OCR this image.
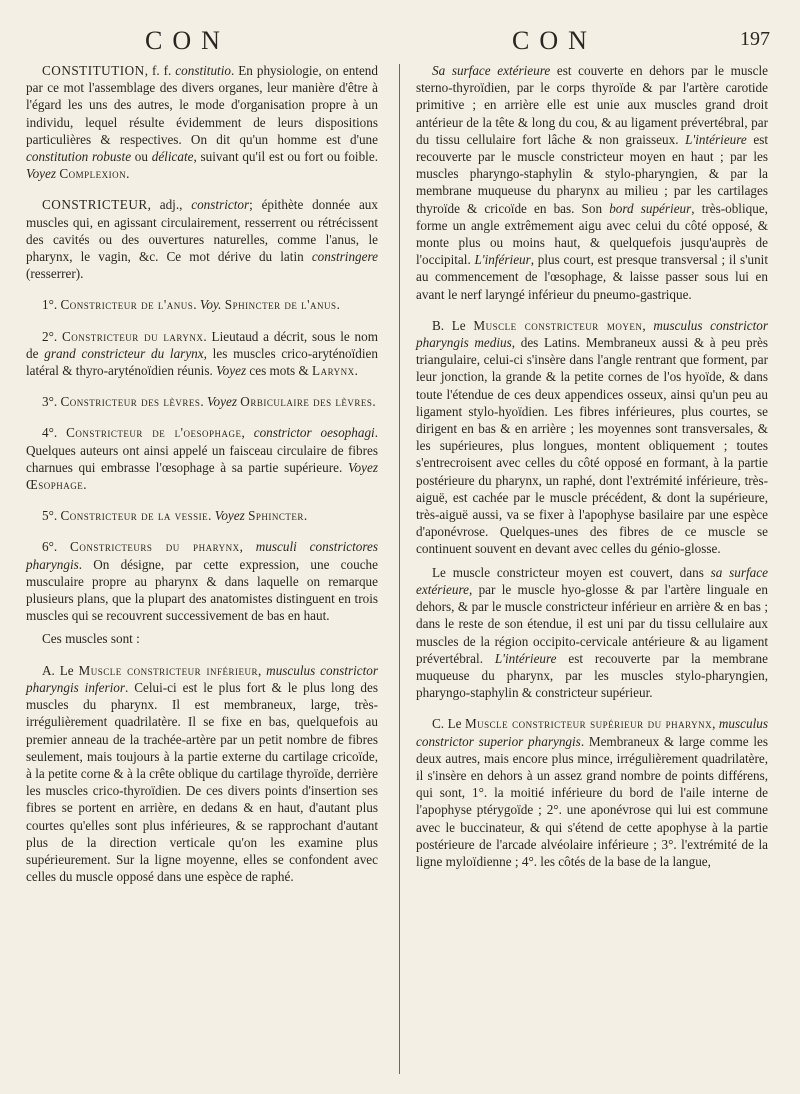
CON	CON	197

CONSTITUTION, f. f. constitutio. En physiologie, on entend par ce mot l'assemblage des divers organes, leur manière d'être à l'égard les uns des autres, le mode d'organisation propre à un individu, lequel résulte évidemment de leurs dispositions particulières & respectives. On dit qu'un homme est d'une constitution robuste ou délicate, suivant qu'il est ou fort ou foible. Voyez Complexion.

CONSTRICTEUR, adj., constrictor; épithète donnée aux muscles qui, en agissant circulairement, resserrent ou rétrécissent des cavités ou des ouvertures naturelles, comme l'anus, le pharynx, le vagin, &c. Ce mot dérive du latin constringere (resserrer).

1°. Constricteur de l'anus. Voy. Sphincter de l'anus.

2°. Constricteur du larynx. Lieutaud a décrit, sous le nom de grand constricteur du larynx, les muscles crico-aryténoïdien latéral & thyro-aryténoïdien réunis. Voyez ces mots & Larynx.

3°. Constricteur des lèvres. Voyez Orbiculaire des lèvres.

4°. Constricteur de l'oesophage, constrictor oesophagi. Quelques auteurs ont ainsi appelé un faisceau circulaire de fibres charnues qui embrasse l'œsophage à sa partie supérieure. Voyez Œsophage.

5°. Constricteur de la vessie. Voyez Sphincter.

6°. Constricteurs du pharynx, musculi constrictores pharyngis. On désigne, par cette expression, une couche musculaire propre au pharynx & dans laquelle on remarque plusieurs plans, que la plupart des anatomistes distinguent en trois muscles qui se recouvrent successivement de bas en haut.

Ces muscles sont :

A. Le Muscle constricteur inférieur, musculus constrictor pharyngis inferior. Celui-ci est le plus fort & le plus long des muscles du pharynx. Il est membraneux, large, très-irrégulièrement quadrilatère. Il se fixe en bas, quelquefois au premier anneau de la trachée-artère par un petit nombre de fibres seulement, mais toujours à la partie externe du cartilage cricoïde, à la petite corne & à la crête oblique du cartilage thyroïde, derrière les muscles crico-thyroïdien. De ces divers points d'insertion ses fibres se portent en arrière, en dedans & en haut, d'autant plus courtes qu'elles sont plus inférieures, & se rapprochant d'autant plus de la direction verticale qu'on les examine plus supérieurement. Sur la ligne moyenne, elles se confondent avec celles du muscle opposé dans une espèce de raphé.

Sa surface extérieure est couverte en dehors par le muscle sterno-thyroïdien, par le corps thyroïde & par l'artère carotide primitive ; en arrière elle est unie aux muscles grand droit antérieur de la tête & long du cou, & au ligament prévertébral, par du tissu cellulaire fort lâche & non graisseux. L'intérieure est recouverte par le muscle constricteur moyen en haut ; par les muscles pharyngo-staphylin & stylo-pharyngien, & par la membrane muqueuse du pharynx au milieu ; par les cartilages thyroïde & cricoïde en bas. Son bord supérieur, très-oblique, forme un angle extrêmement aigu avec celui du côté opposé, & monte plus ou moins haut, & quelquefois jusqu'auprès de l'occipital. L'inférieur, plus court, est presque transversal ; il s'unit au commencement de l'œsophage, & laisse passer sous lui en avant le nerf laryngé inférieur du pneumo-gastrique.

B. Le Muscle constricteur moyen, musculus constrictor pharyngis medius, des Latins. Membraneux aussi & à peu près triangulaire, celui-ci s'insère dans l'angle rentrant que forment, par leur jonction, la grande & la petite cornes de l'os hyoïde, & dans toute l'étendue de ces deux appendices osseux, ainsi qu'un peu au ligament stylo-hyoïdien. Les fibres inférieures, plus courtes, se dirigent en bas & en arrière ; les moyennes sont transversales, & les supérieures, plus longues, montent obliquement ; toutes s'entrecroisent avec celles du côté opposé en formant, à la partie postérieure du pharynx, un raphé, dont l'extrémité inférieure, très-aiguë, est cachée par le muscle précédent, & dont la supérieure, très-aiguë aussi, va se fixer à l'apophyse basilaire par une espèce d'aponévrose. Quelques-unes des fibres de ce muscle se continuent souvent en devant avec celles du génio-glosse.

Le muscle constricteur moyen est couvert, dans sa surface extérieure, par le muscle hyo-glosse & par l'artère linguale en dehors, & par le muscle constricteur inférieur en arrière & en bas ; dans le reste de son étendue, il est uni par du tissu cellulaire aux muscles de la région occipito-cervicale antérieure & au ligament prévertébral. L'intérieure est recouverte par la membrane muqueuse du pharynx, par les muscles stylo-pharyngien, pharyngo-staphylin & constricteur supérieur.

C. Le Muscle constricteur supérieur du pharynx, musculus constrictor superior pharyngis. Membraneux & large comme les deux autres, mais encore plus mince, irrégulièrement quadrilatère, il s'insère en dehors à un assez grand nombre de points différens, qui sont, 1°. la moitié inférieure du bord de l'aile interne de l'apophyse ptérygoïde ; 2°. une aponévrose qui lui est commune avec le buccinateur, & qui s'étend de cette apophyse à la partie postérieure de l'arcade alvéolaire inférieure ; 3°. l'extrémité de la ligne myloïdienne ; 4°. les côtés de la base de la langue,
